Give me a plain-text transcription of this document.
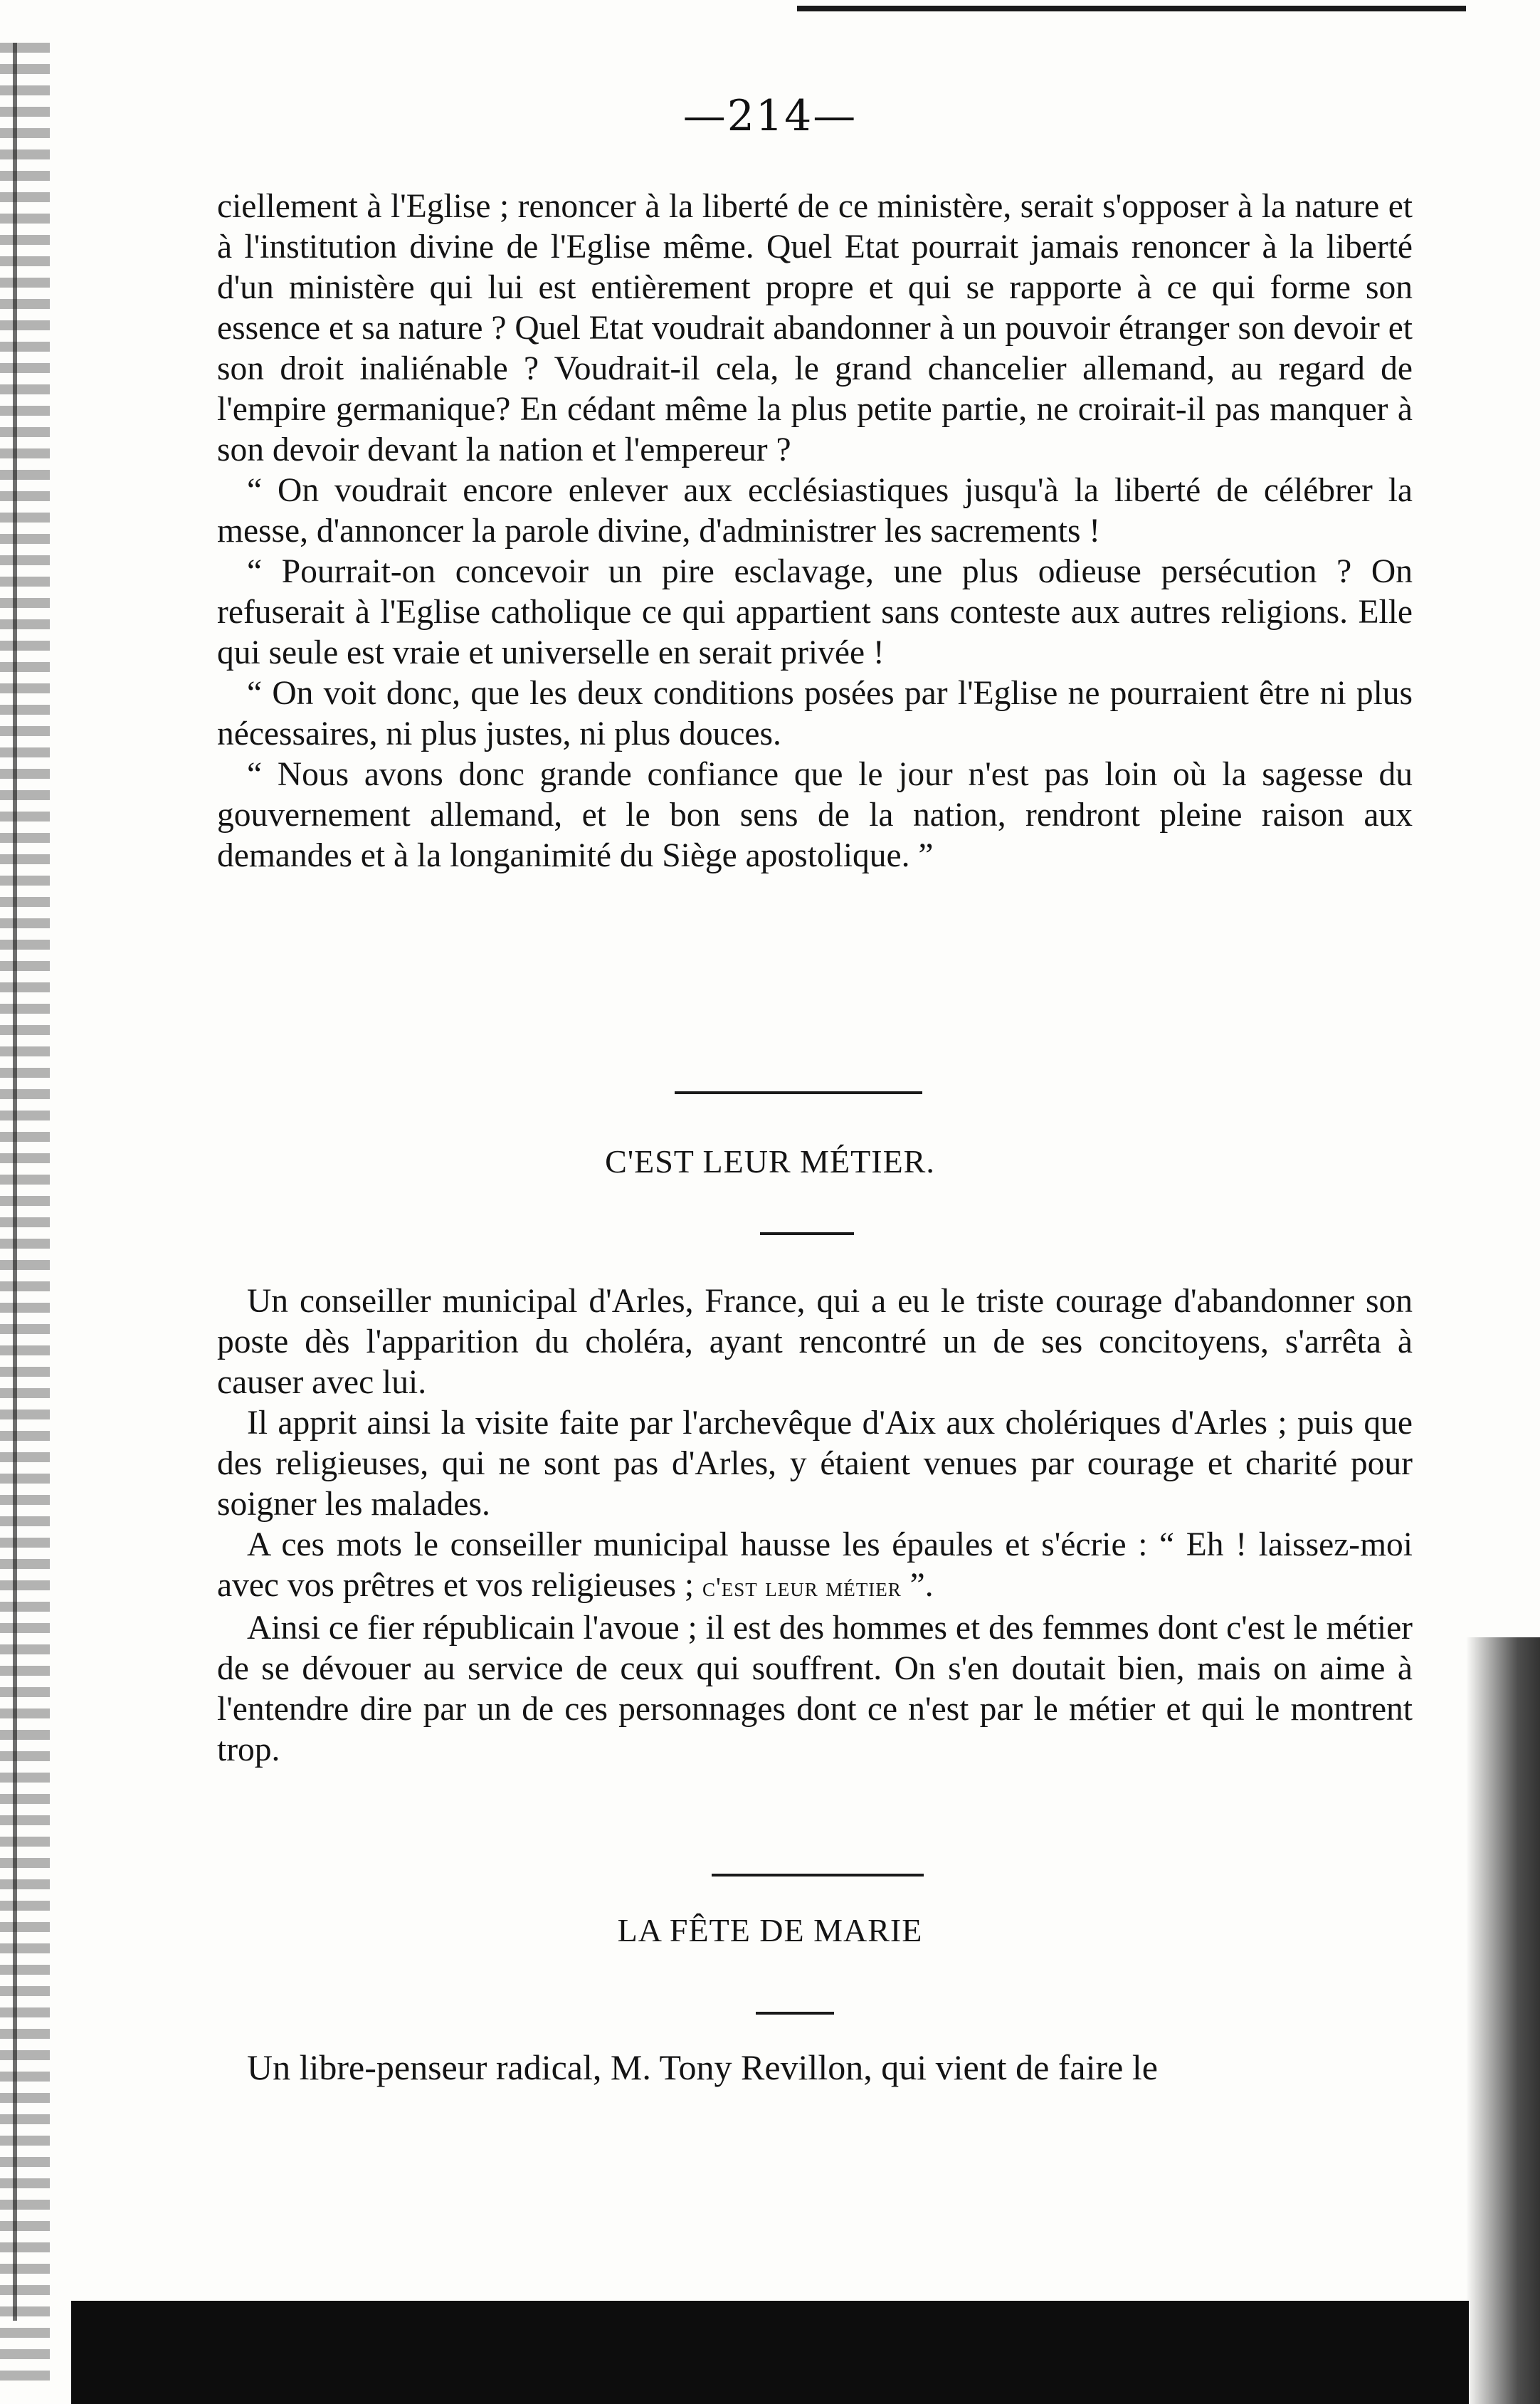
—214—

ciellement à l'Eglise ; renoncer à la liberté de ce ministère, serait s'opposer à la nature et à l'institution divine de l'Eglise même. Quel Etat pourrait jamais renoncer à la liberté d'un ministère qui lui est entièrement propre et qui se rapporte à ce qui forme son essence et sa nature ? Quel Etat voudrait abandonner à un pouvoir étranger son devoir et son droit inaliénable ? Voudrait-il cela, le grand chancelier allemand, au regard de l'empire germanique? En cédant même la plus petite partie, ne croirait-il pas manquer à son devoir devant la nation et l'empereur ?

“ On voudrait encore enlever aux ecclésiastiques jusqu'à la liberté de célébrer la messe, d'annoncer la parole divine, d'administrer les sacrements !

“ Pourrait-on concevoir un pire esclavage, une plus odieuse persécution ? On refuserait à l'Eglise catholique ce qui appartient sans conteste aux autres religions. Elle qui seule est vraie et universelle en serait privée !

“ On voit donc, que les deux conditions posées par l'Eglise ne pourraient être ni plus nécessaires, ni plus justes, ni plus douces.

“ Nous avons donc grande confiance que le jour n'est pas loin où la sagesse du gouvernement allemand, et le bon sens de la nation, rendront pleine raison aux demandes et à la longanimité du Siège apostolique. ”

C'EST LEUR MÉTIER.

Un conseiller municipal d'Arles, France, qui a eu le triste courage d'abandonner son poste dès l'apparition du choléra, ayant rencontré un de ses concitoyens, s'arrêta à causer avec lui.

Il apprit ainsi la visite faite par l'archevêque d'Aix aux cholériques d'Arles ; puis que des religieuses, qui ne sont pas d'Arles, y étaient venues par courage et charité pour soigner les malades.

A ces mots le conseiller municipal hausse les épaules et s'écrie : “ Eh ! laissez-moi avec vos prêtres et vos religieuses ; c'est leur métier ”.

Ainsi ce fier républicain l'avoue ; il est des hommes et des femmes dont c'est le métier de se dévouer au service de ceux qui souffrent. On s'en doutait bien, mais on aime à l'entendre dire par un de ces personnages dont ce n'est par le métier et qui le montrent trop.

LA FÊTE DE MARIE

Un libre-penseur radical, M. Tony Revillon, qui vient de faire le
